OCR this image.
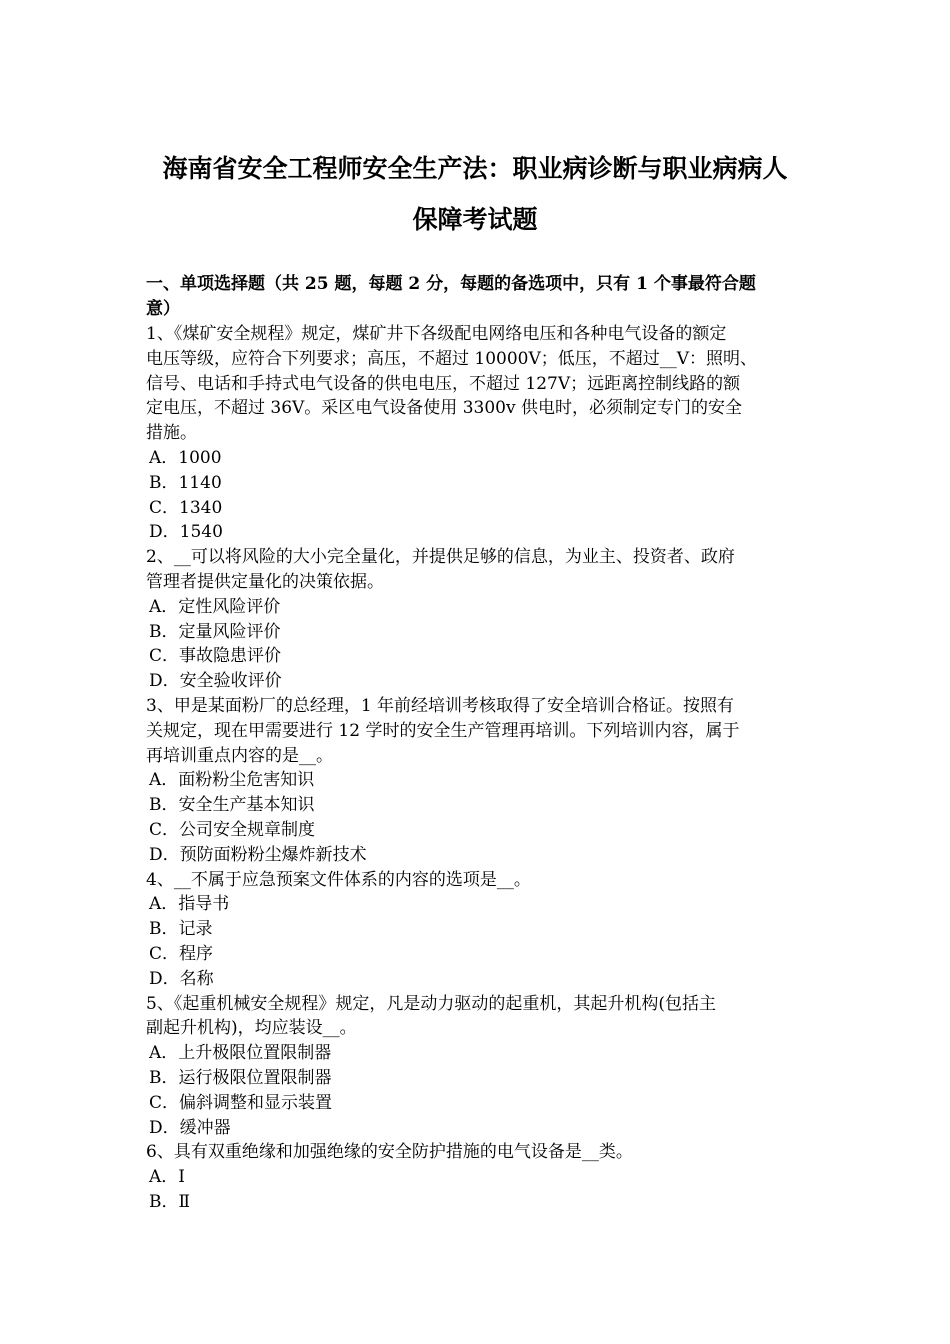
海南省安全工程师安全生产法：职业病诊断与职业病病人
保障考试题

一、单项选择题（共 25 题，每题 2 分，每题的备选项中，只有 1 个事最符合题

意）

1、《煤矿安全规程》规定，煤矿井下各级配电网络电压和各种电气设备的额定

电压等级，应符合下列要求；高压，不超过 10000V；低压，不超过__V：照明、

信号、电话和手持式电气设备的供电电压，不超过 127V；远距离控制线路的额

定电压，不超过 36V。采区电气设备使用 3300v 供电时，必须制定专门的安全

措施。

A．1000

B．1140

C．1340

D．1540

2、__可以将风险的大小完全量化，并提供足够的信息，为业主、投资者、政府

管理者提供定量化的决策依据。

A．定性风险评价

B．定量风险评价

C．事故隐患评价

D．安全验收评价

3、甲是某面粉厂的总经理，1 年前经培训考核取得了安全培训合格证。按照有

关规定，现在甲需要进行 12 学时的安全生产管理再培训。下列培训内容，属于

再培训重点内容的是__。

A．面粉粉尘危害知识

B．安全生产基本知识

C．公司安全规章制度

D．预防面粉粉尘爆炸新技术

4、__不属于应急预案文件体系的内容的选项是__。

A．指导书

B．记录

C．程序

D．名称

5、《起重机械安全规程》规定，凡是动力驱动的起重机，其起升机构(包括主

副起升机构)，均应装设__。

A．上升极限位置限制器

B．运行极限位置限制器

C．偏斜调整和显示装置

D．缓冲器

6、具有双重绝缘和加强绝缘的安全防护措施的电气设备是__类。

A．Ⅰ

B．Ⅱ
